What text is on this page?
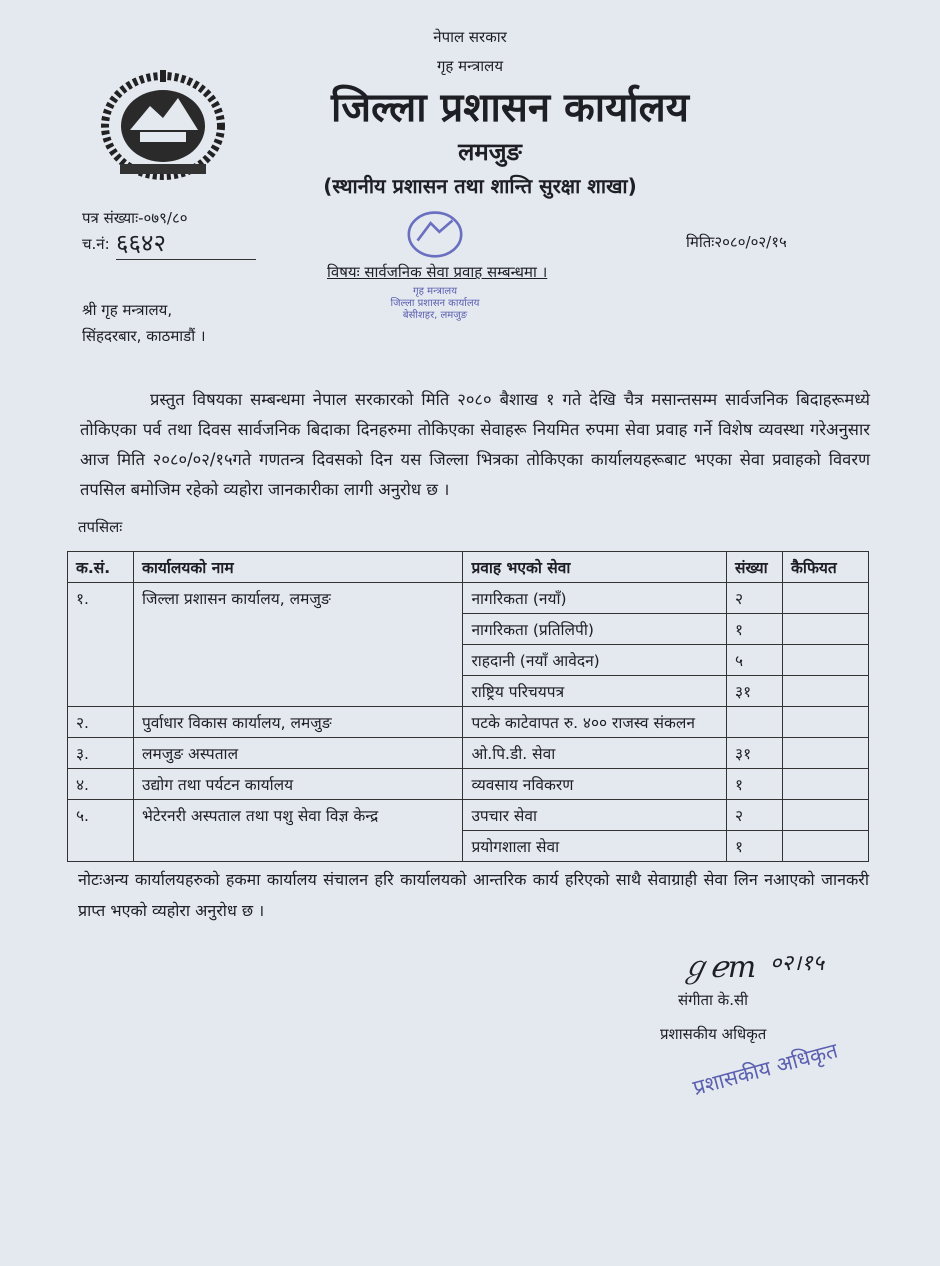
नेपाल सरकार
गृह मन्त्रालय
जिल्ला प्रशासन कार्यालय
लमजुङ
(स्थानीय प्रशासन तथा शान्ति सुरक्षा शाखा)
पत्र संख्याः-०७९/८०
च.नं: ६६४२	मितिः२०८०/०२/१५
गृह मन्त्रालय
जिल्ला प्रशासन कार्यालय
बेसीशहर, लमजुङ
विषयः सार्वजनिक सेवा प्रवाह सम्बन्धमा ।
श्री गृह मन्त्रालय,
सिंहदरबार, काठमाडौं ।

प्रस्तुत विषयका सम्बन्धमा नेपाल सरकारको मिति २०८० बैशाख १ गते देखि चैत्र मसान्तसम्म सार्वजनिक बिदाहरूमध्ये तोकिएका पर्व तथा दिवस सार्वजनिक बिदाका दिनहरुमा तोकिएका सेवाहरू नियमित रुपमा सेवा प्रवाह गर्ने विशेष व्यवस्था गरेअनुसार आज मिति २०८०/०२/१५गते गणतन्त्र दिवसको दिन यस जिल्ला भित्रका तोकिएका कार्यालयहरूबाट भएका सेवा प्रवाहको विवरण तपसिल बमोजिम रहेको व्यहोरा जानकारीका लागी अनुरोध छ ।

तपसिलः
क.सं.	कार्यालयको नाम	प्रवाह भएको सेवा	संख्या	कैफियत
१.	जिल्ला प्रशासन कार्यालय, लमजुङ	नागरिकता (नयाँ)	२	
		नागरिकता (प्रतिलिपी)	१	
		राहदानी (नयाँ आवेदन)	५	
		राष्ट्रिय परिचयपत्र	३१	
२.	पुर्वाधार विकास कार्यालय, लमजुङ	पटके काटेवापत रु. ४०० राजस्व संकलन		
३.	लमजुङ अस्पताल	ओ.पि.डी. सेवा	३१	
४.	उद्योग तथा पर्यटन कार्यालय	व्यवसाय नविकरण	१	
५.	भेटेरनरी अस्पताल तथा पशु सेवा विज्ञ केन्द्र	उपचार सेवा	२	
		प्रयोगशाला सेवा	१	
नोटःअन्य कार्यालयहरुको हकमा कार्यालय संचालन हरि कार्यालयको आन्तरिक कार्य हरिएको साथै सेवाग्राही सेवा लिन नआएको जानकरी प्राप्त भएको व्यहोरा अनुरोध छ ।
ℊℯm ०२।१५
संगीता के.सी
प्रशासकीय अधिकृत
प्रशासकीय अधिकृत
